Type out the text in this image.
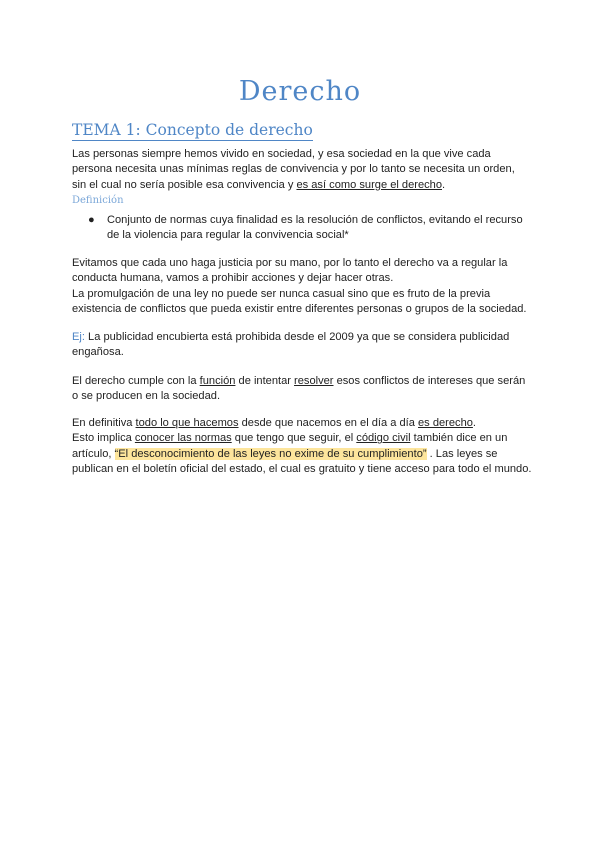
Derecho
TEMA 1: Concepto de derecho
Las personas siempre hemos vivido en sociedad, y esa sociedad en la que vive cada persona necesita unas mínimas reglas de convivencia y por lo tanto se necesita un orden, sin el cual no sería posible esa convivencia y es así como surge el derecho.
Definición
● Conjunto de normas cuya finalidad es la resolución de conflictos, evitando el recurso de la violencia para regular la convivencia social*
Evitamos que cada uno haga justicia por su mano, por lo tanto el derecho va a regular la conducta humana, vamos a prohibir acciones y dejar hacer otras.
La promulgación de una ley no puede ser nunca casual sino que es fruto de la previa existencia de conflictos que pueda existir entre diferentes personas o grupos de la sociedad.
Ej: La publicidad encubierta está prohibida desde el 2009 ya que se considera publicidad engañosa.
El derecho cumple con la función de intentar resolver esos conflictos de intereses que serán o se producen en la sociedad.
En definitiva todo lo que hacemos desde que nacemos en el día a día es derecho.
Esto implica conocer las normas que tengo que seguir, el código civil también dice en un artículo, “El desconocimiento de las leyes no exime de su cumplimiento” . Las leyes se publican en el boletín oficial del estado, el cual es gratuito y tiene acceso para todo el mundo.
